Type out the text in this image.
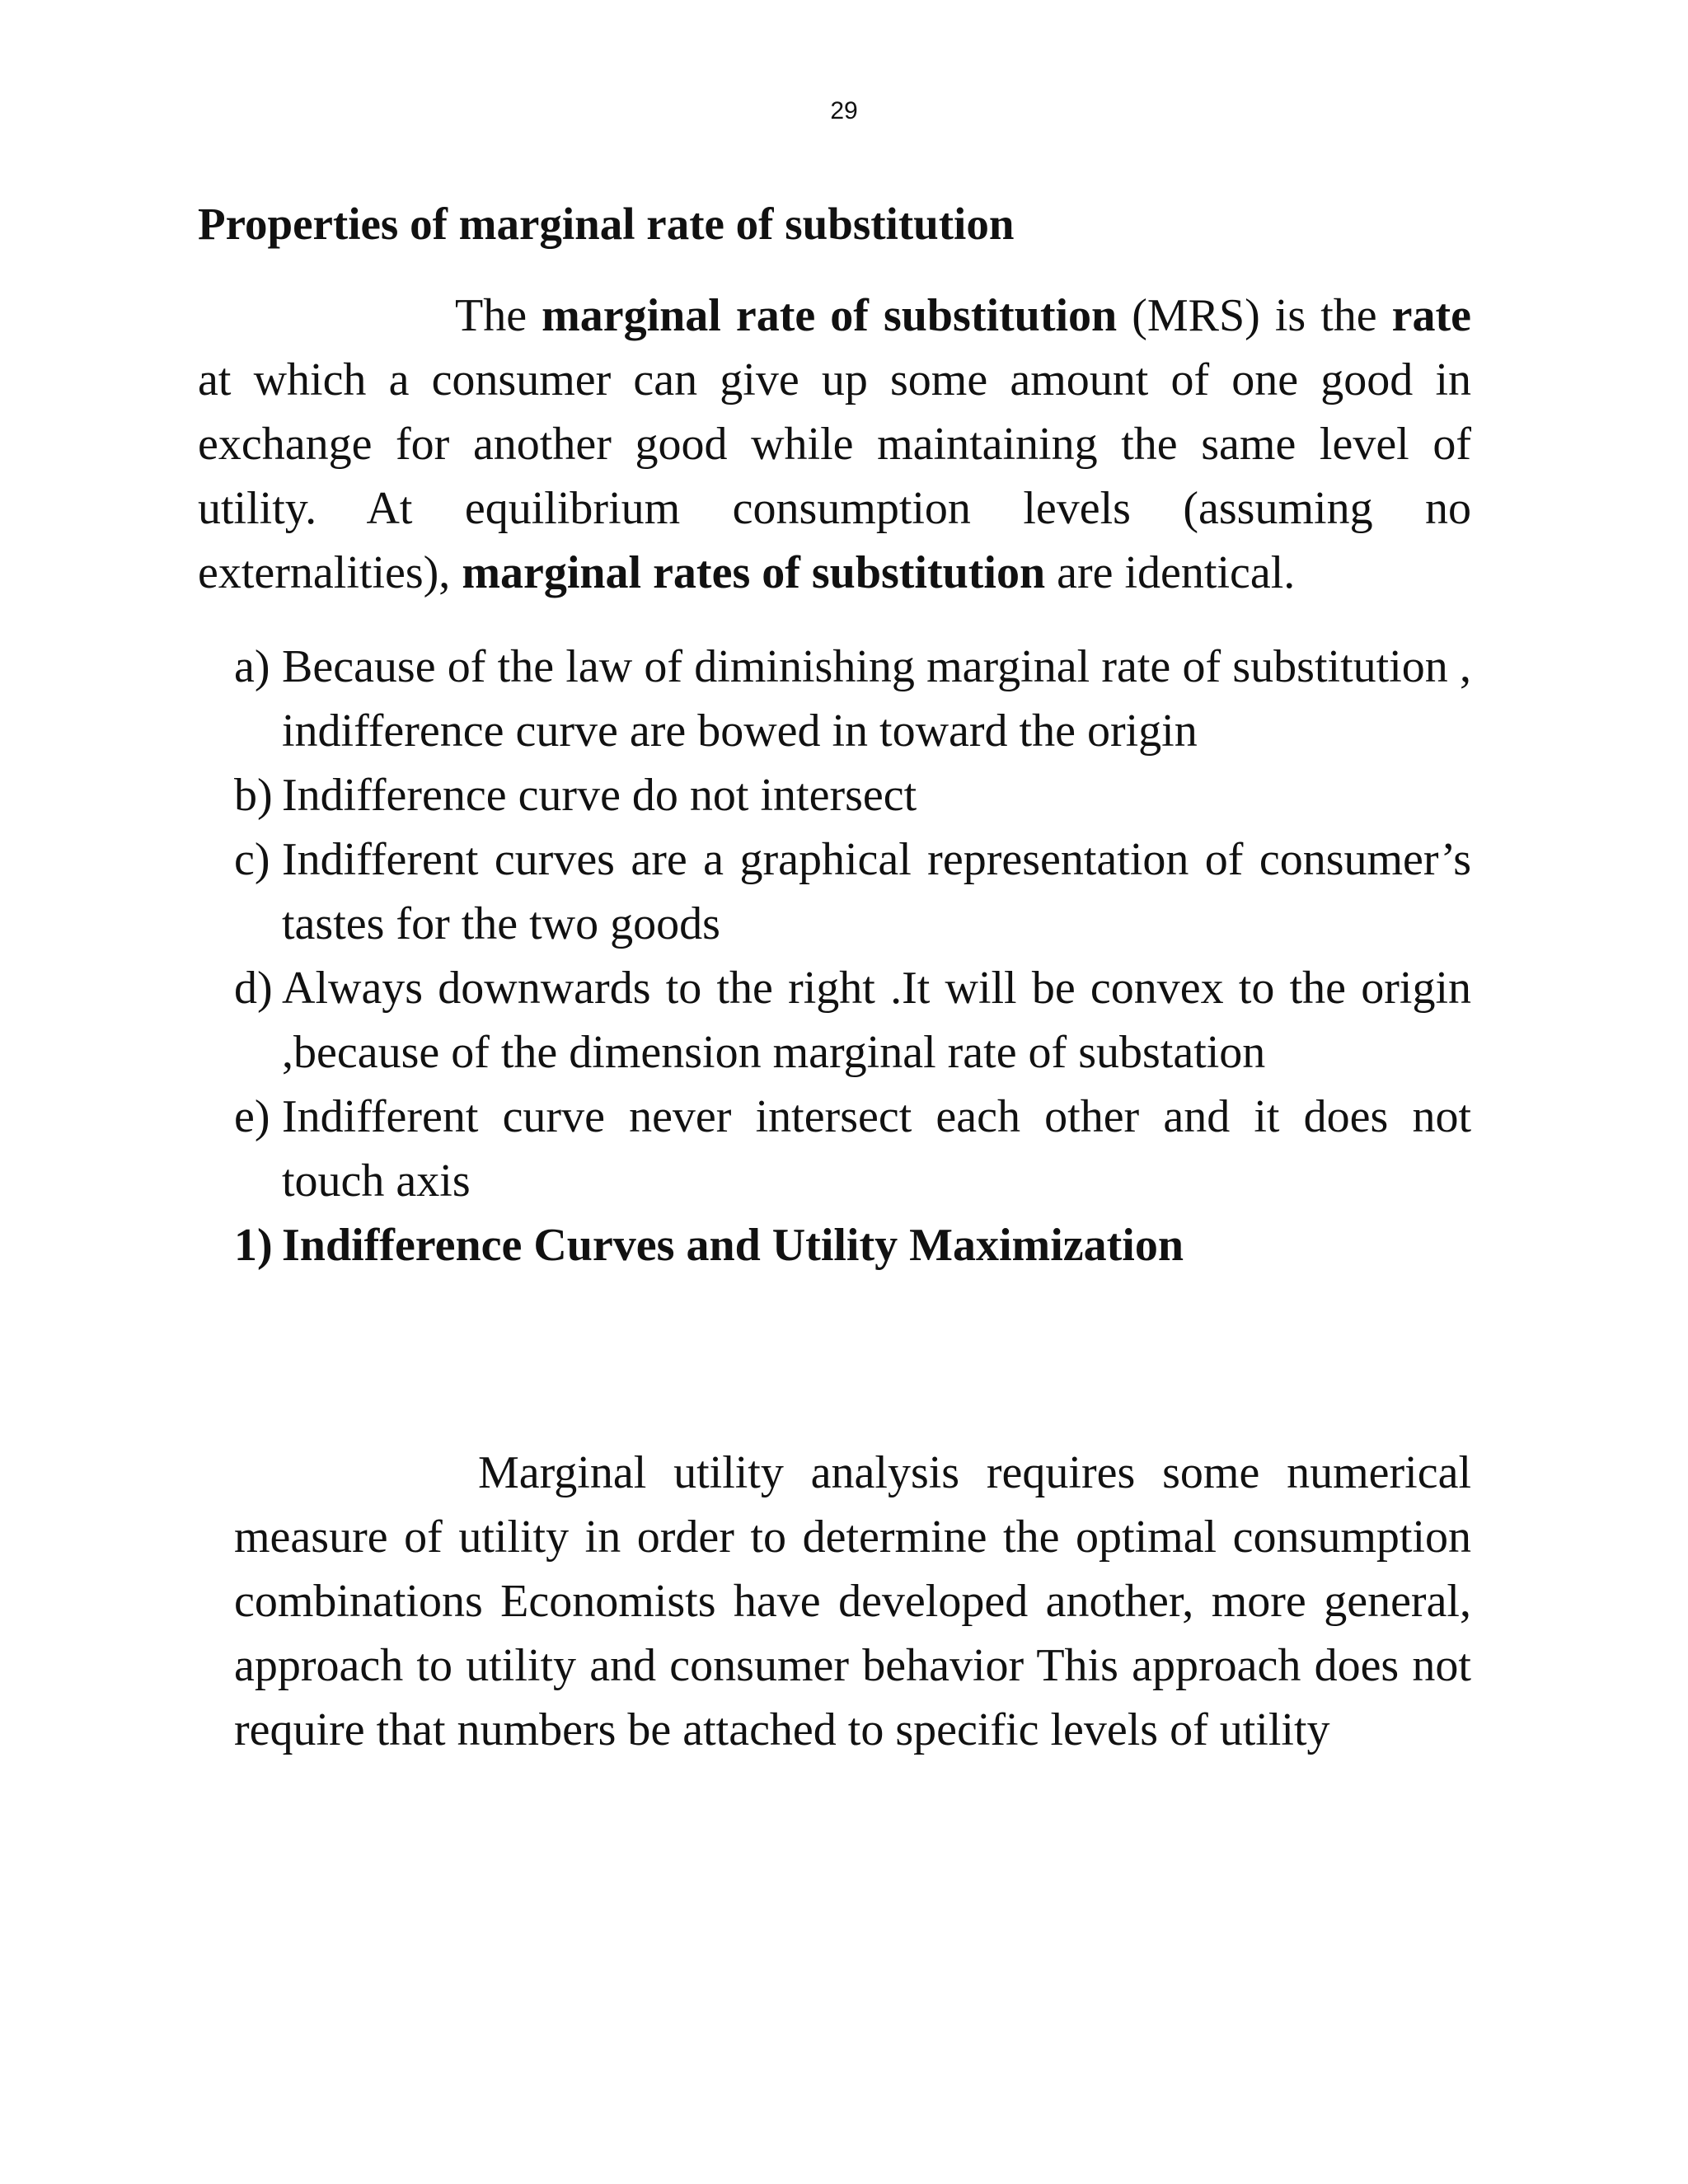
29
Properties of marginal rate of substitution

The marginal rate of substitution (MRS) is the rate at which a consumer can give up some amount of one good in exchange for another good while maintaining the same level of utility. At equilibrium consumption levels (assuming no externalities), marginal rates of substitution are identical.

a) Because of the law of diminishing marginal rate of substitution , indifference curve are bowed in toward the origin
b) Indifference curve do not intersect
c) Indifferent curves are a graphical representation of consumer’s tastes for the two goods
d) Always downwards to the right .It will be convex to the origin ,because of the dimension marginal rate of substation
e) Indifferent curve never intersect each other and it does not touch axis
1) Indifference Curves and Utility Maximization

Marginal utility analysis requires some numerical measure of utility in order to determine the optimal consumption combinations Economists have developed another, more general, approach to utility and consumer behavior This approach does not require that numbers be attached to specific levels of utility
